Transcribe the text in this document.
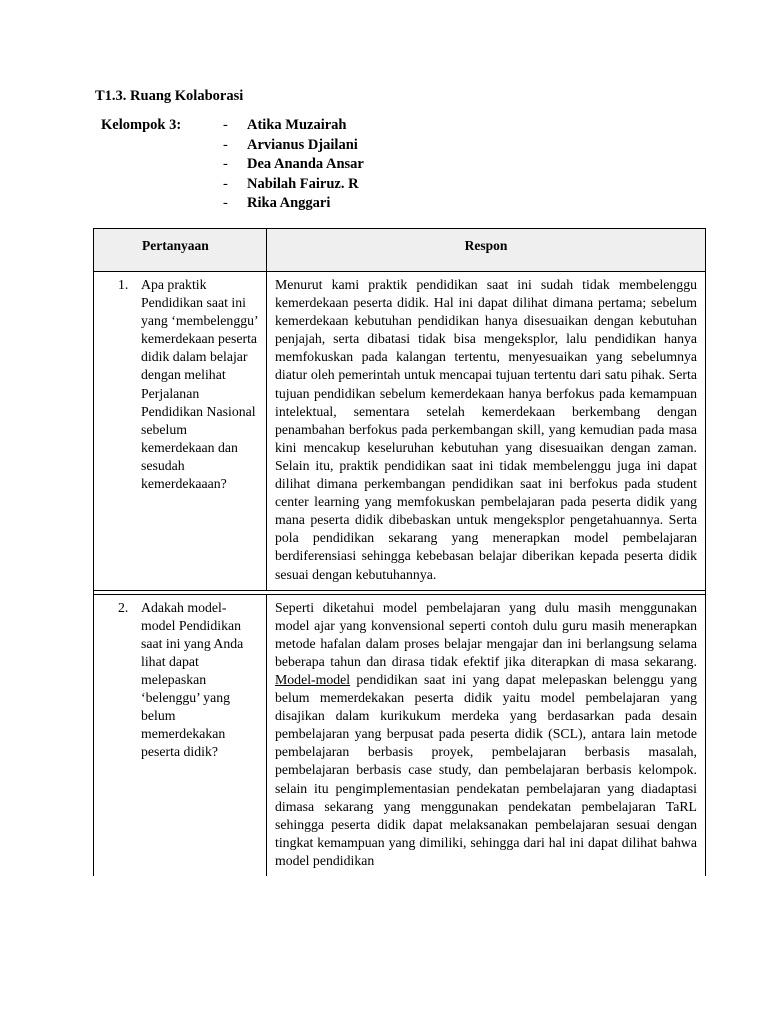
T1.3. Ruang Kolaborasi
Kelompok 3:	- Atika Muzairah
- Arvianus Djailani
- Dea Ananda Ansar
- Nabilah Fairuz. R
- Rika Anggari
Pertanyaan	Respon

1. Apa praktik Pendidikan saat ini yang ‘membelenggu’ kemerdekaan peserta didik dalam belajar dengan melihat Perjalanan Pendidikan Nasional sebelum kemerdekaan dan sesudah kemerdekaaan?	Menurut kami praktik pendidikan saat ini sudah tidak membelenggu kemerdekaan peserta didik. Hal ini dapat dilihat dimana pertama; sebelum kemerdekaan kebutuhan pendidikan hanya disesuaikan dengan kebutuhan penjajah, serta dibatasi tidak bisa mengeksplor, lalu pendidikan hanya memfokuskan pada kalangan tertentu, menyesuaikan yang sebelumnya diatur oleh pemerintah untuk mencapai tujuan tertentu dari satu pihak. Serta tujuan pendidikan sebelum kemerdekaan hanya berfokus pada kemampuan intelektual, sementara setelah kemerdekaan berkembang dengan penambahan berfokus pada perkembangan skill, yang kemudian pada masa kini mencakup keseluruhan kebutuhan yang disesuaikan dengan zaman. Selain itu, praktik pendidikan saat ini tidak membelenggu juga ini dapat dilihat dimana perkembangan pendidikan saat ini berfokus pada student center learning yang memfokuskan pembelajaran pada peserta didik yang mana peserta didik dibebaskan untuk mengeksplor pengetahuannya. Serta pola pendidikan sekarang yang menerapkan model pembelajaran berdiferensiasi sehingga kebebasan belajar diberikan kepada peserta didik sesuai dengan kebutuhannya.

2. Adakah model-model Pendidikan saat ini yang Anda lihat dapat melepaskan ‘belenggu’ yang belum memerdekakan peserta didik?	Seperti diketahui model pembelajaran yang dulu masih menggunakan model ajar yang konvensional seperti contoh dulu guru masih menerapkan metode hafalan dalam proses belajar mengajar dan ini berlangsung selama beberapa tahun dan dirasa tidak efektif jika diterapkan di masa sekarang. Model-model pendidikan saat ini yang dapat melepaskan belenggu yang belum memerdekakan peserta didik yaitu model pembelajaran yang disajikan dalam kurikukum merdeka yang berdasarkan pada desain pembelajaran yang berpusat pada peserta didik (SCL), antara lain metode pembelajaran berbasis proyek, pembelajaran berbasis masalah, pembelajaran berbasis case study, dan pembelajaran berbasis kelompok. selain itu pengimplementasian pendekatan pembelajaran yang diadaptasi dimasa sekarang yang menggunakan pendekatan pembelajaran TaRL sehingga peserta didik dapat melaksanakan pembelajaran sesuai dengan tingkat kemampuan yang dimiliki, sehingga dari hal ini dapat dilihat bahwa model pendidikan
